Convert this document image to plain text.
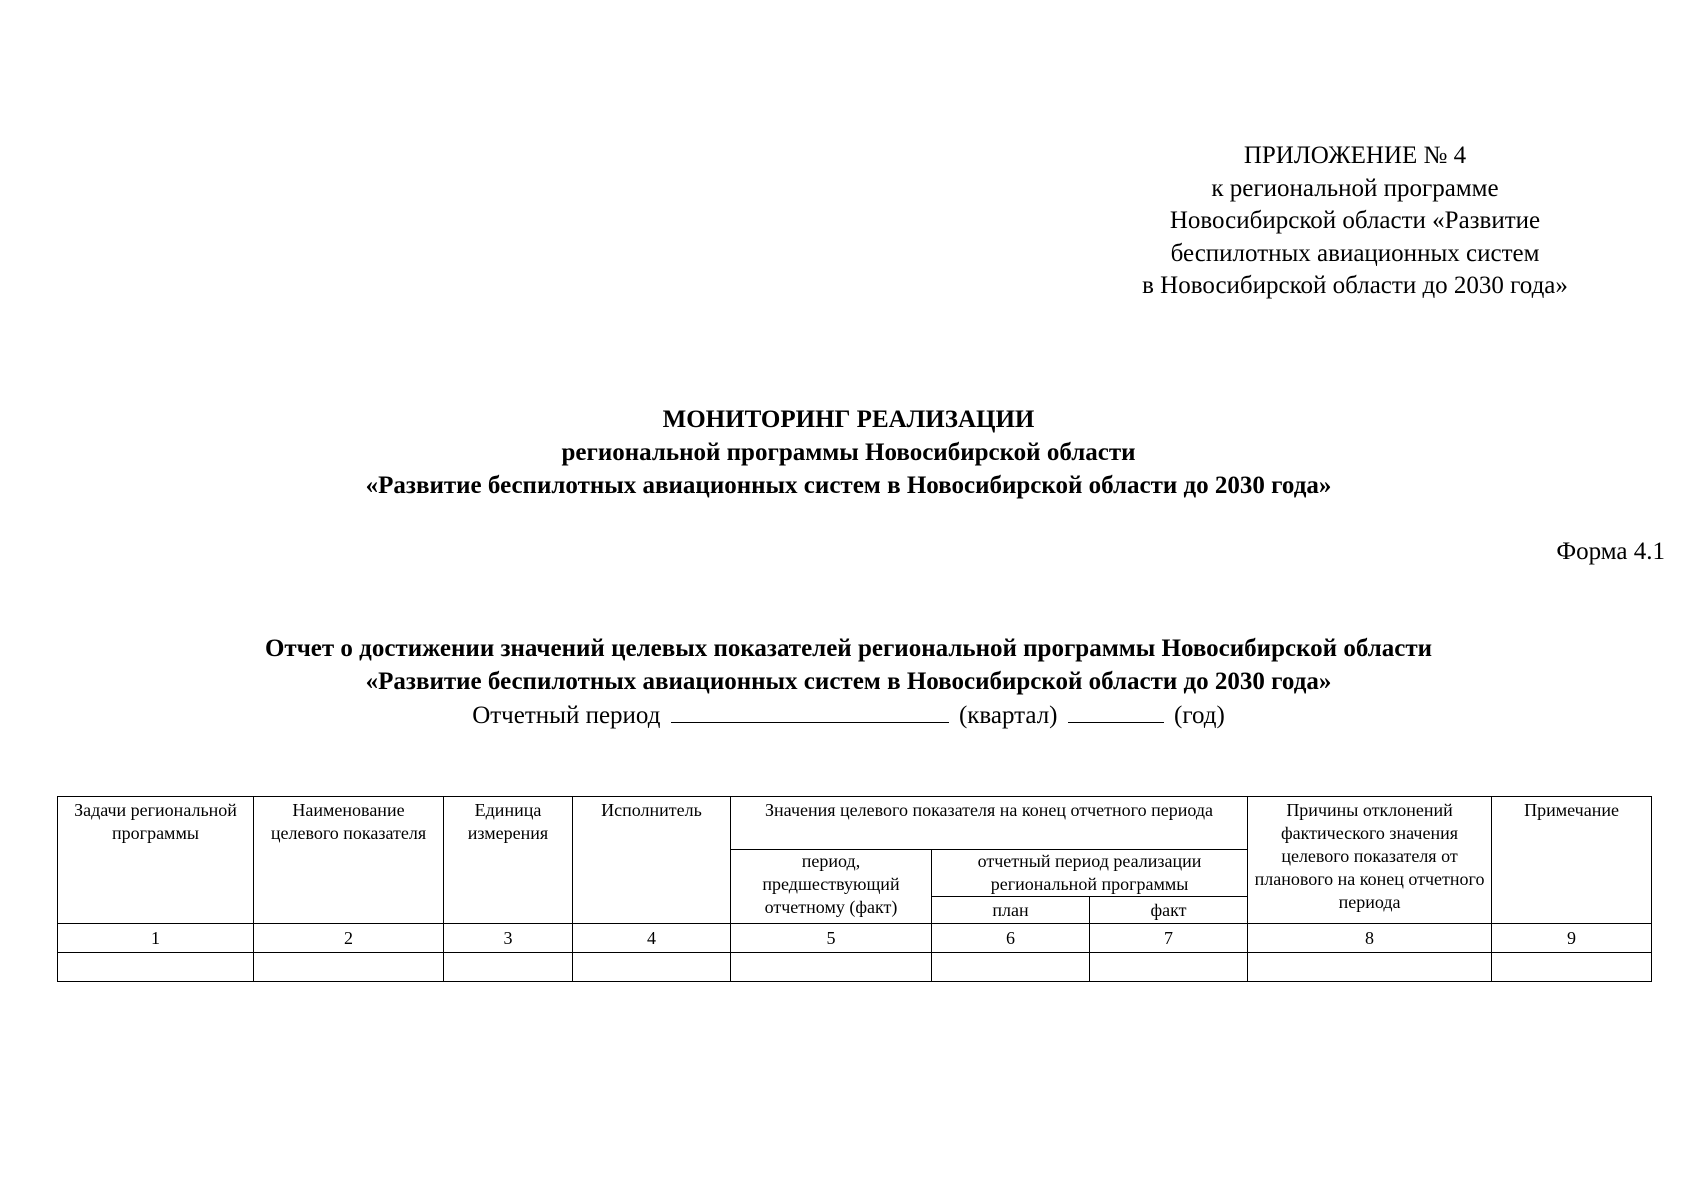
ПРИЛОЖЕНИЕ № 4
к региональной программе
Новосибирской области «Развитие
беспилотных авиационных систем
в Новосибирской области до 2030 года»
МОНИТОРИНГ РЕАЛИЗАЦИИ
региональной программы Новосибирской области
«Развитие беспилотных авиационных систем в Новосибирской области до 2030 года»
Форма 4.1
Отчет о достижении значений целевых показателей региональной программы Новосибирской области
«Развитие беспилотных авиационных систем в Новосибирской области до 2030 года»
Отчетный период	(квартал)	(год)
Задачи региональной программы	Наименование целевого показателя	Единица измерения	Исполнитель	Значения целевого показателя на конец отчетного периода			Причины отклонений фактического значения целевого показателя от планового на конец отчетного периода	Примечание
				период, предшествующий отчетному (факт)	отчетный период реализации региональной программы			
					план	факт		
1	2	3	4	5	6	7	8	9
